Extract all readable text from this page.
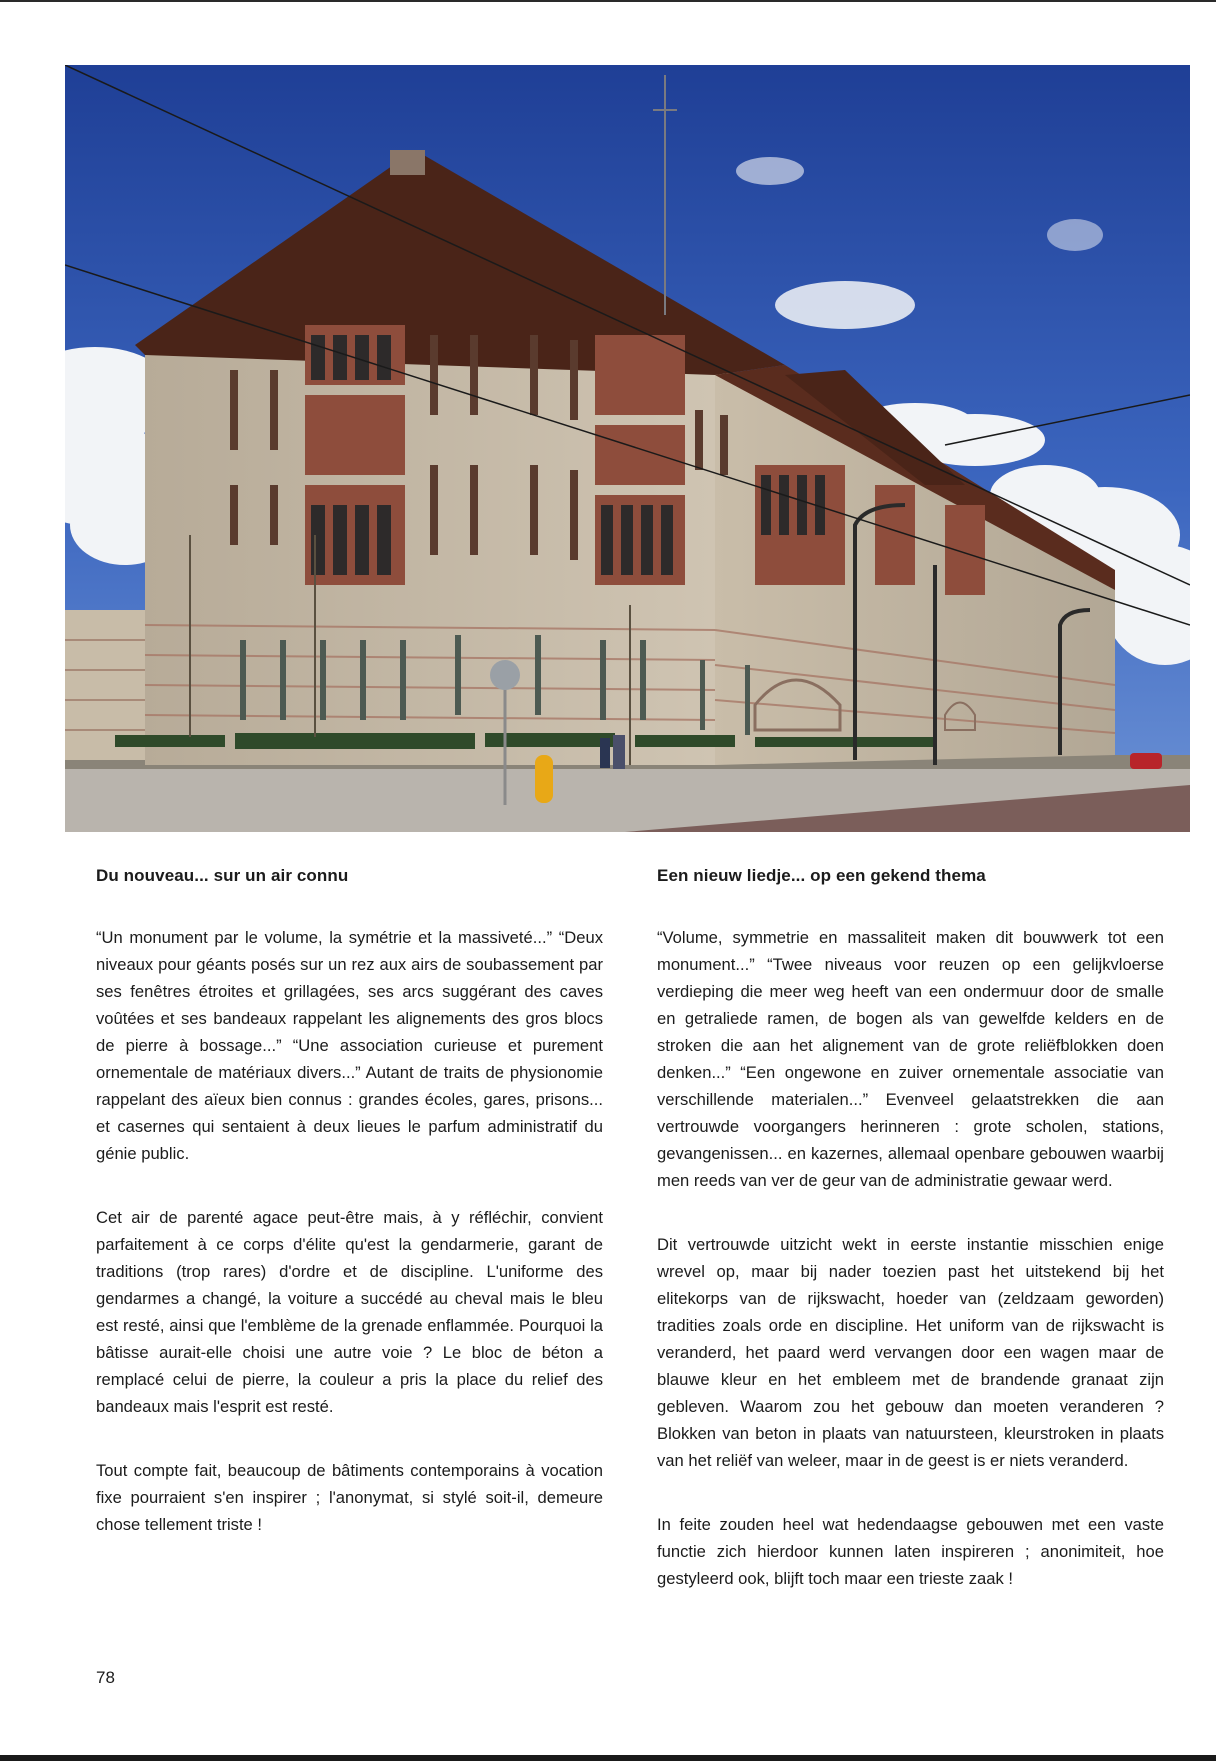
Du nouveau... sur un air connu	Een nieuw liedje... op een gekend thema

“Un monument par le volume, la symétrie et la massiveté...” “Deux niveaux pour géants posés sur un rez aux airs de soubassement par ses fenêtres étroites et grillagées, ses arcs suggérant des caves voûtées et ses bandeaux rappelant les alignements des gros blocs de pierre à bossage...” “Une association curieuse et purement ornementale de matériaux divers...” Autant de traits de physionomie rappelant des aïeux bien connus : grandes écoles, gares, prisons... et casernes qui sentaient à deux lieues le parfum administratif du génie public.

Cet air de parenté agace peut-être mais, à y réfléchir, convient parfaitement à ce corps d'élite qu'est la gendarmerie, garant de traditions (trop rares) d'ordre et de discipline. L'uniforme des gendarmes a changé, la voiture a succédé au cheval mais le bleu est resté, ainsi que l'emblème de la grenade enflammée. Pourquoi la bâtisse aurait-elle choisi une autre voie ? Le bloc de béton a remplacé celui de pierre, la couleur a pris la place du relief des bandeaux mais l'esprit est resté.

Tout compte fait, beaucoup de bâtiments contemporains à vocation fixe pourraient s'en inspirer ; l'anonymat, si stylé soit-il, demeure chose tellement triste !

“Volume, symmetrie en massaliteit maken dit bouwwerk tot een monument...” “Twee niveaus voor reuzen op een gelijkvloerse verdieping die meer weg heeft van een ondermuur door de smalle en getraliede ramen, de bogen als van gewelfde kelders en de stroken die aan het alignement van de grote reliëfblokken doen denken...” “Een ongewone en zuiver ornementale associatie van verschillende materialen...” Evenveel gelaatstrekken die aan vertrouwde voorgangers herinneren : grote scholen, stations, gevangenissen... en kazernes, allemaal openbare gebouwen waarbij men reeds van ver de geur van de administratie gewaar werd.

Dit vertrouwde uitzicht wekt in eerste instantie misschien enige wrevel op, maar bij nader toezien past het uitstekend bij het elitekorps van de rijkswacht, hoeder van (zeldzaam geworden) tradities zoals orde en discipline. Het uniform van de rijkswacht is veranderd, het paard werd vervangen door een wagen maar de blauwe kleur en het embleem met de brandende granaat zijn gebleven. Waarom zou het gebouw dan moeten veranderen ? Blokken van beton in plaats van natuursteen, kleurstroken in plaats van het reliëf van weleer, maar in de geest is er niets veranderd.

In feite zouden heel wat hedendaagse gebouwen met een vaste functie zich hierdoor kunnen laten inspireren ; anonimiteit, hoe gestyleerd ook, blijft toch maar een trieste zaak !

78
